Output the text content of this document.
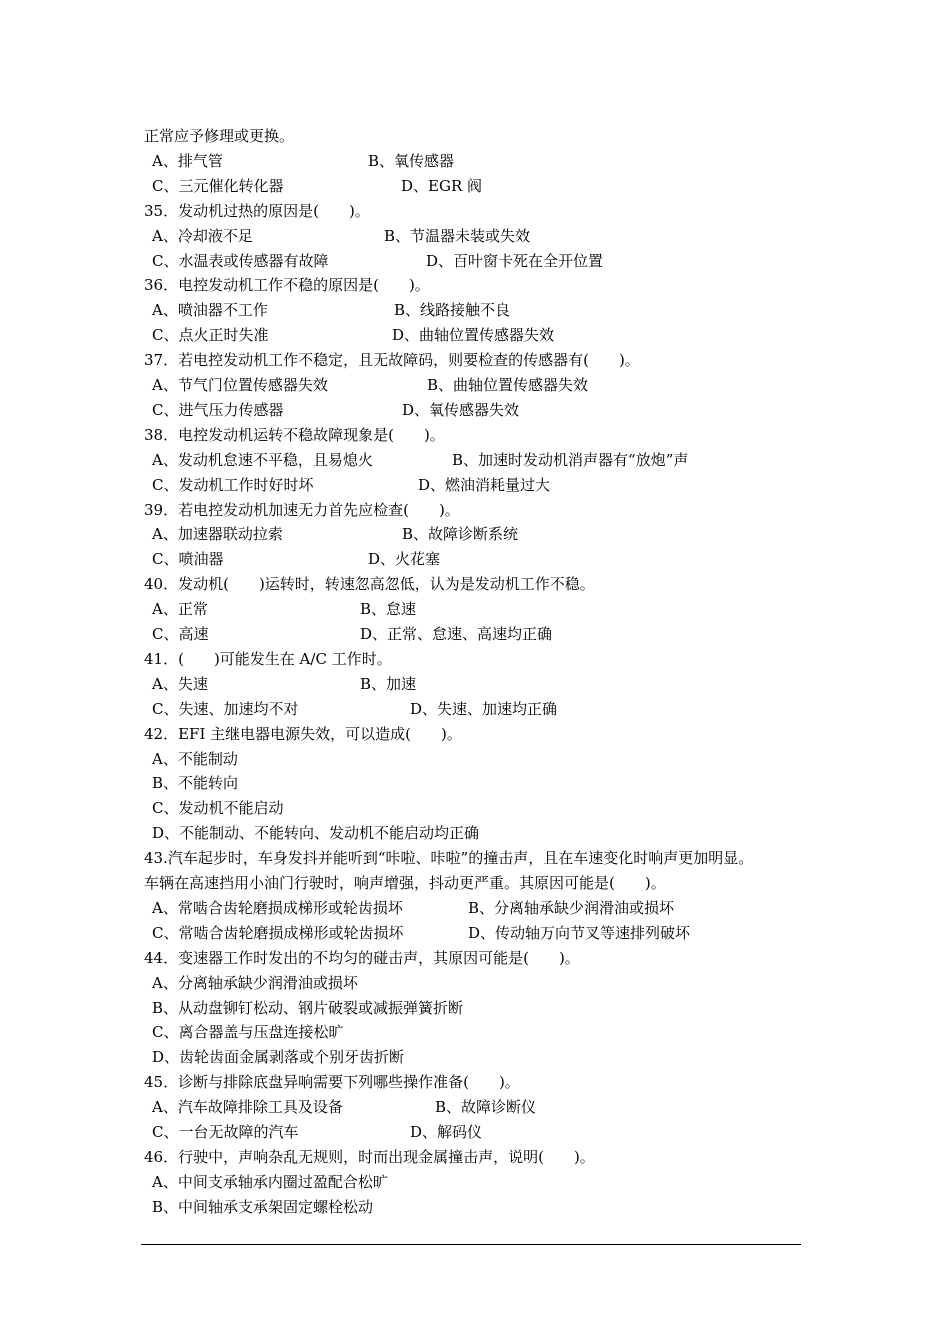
正常应予修理或更换。
A、排气管	B、氧传感器
C、三元催化转化器	D、EGR 阀
35．发动机过热的原因是(　　)。
A、冷却液不足	B、节温器未装或失效
C、水温表或传感器有故障	D、百叶窗卡死在全开位置
36．电控发动机工作不稳的原因是(　　)。
A、喷油器不工作	B、线路接触不良
C、点火正时失准	D、曲轴位置传感器失效
37．若电控发动机工作不稳定，且无故障码，则要检查的传感器有(　　)。
A、节气门位置传感器失效	B、曲轴位置传感器失效
C、进气压力传感器	D、氧传感器失效
38．电控发动机运转不稳故障现象是(　　)。
A、发动机怠速不平稳，且易熄火	B、加速时发动机消声器有“放炮”声
C、发动机工作时好时坏	D、燃油消耗量过大
39．若电控发动机加速无力首先应检查(　　)。
A、加速器联动拉索	B、故障诊断系统
C、喷油器	D、火花塞
40．发动机(　　)运转时，转速忽高忽低，认为是发动机工作不稳。
A、正常	B、怠速
C、高速	D、正常、怠速、高速均正确
41．(　　)可能发生在 A/C 工作时。
A、失速	B、加速
C、失速、加速均不对	D、失速、加速均正确
42．EFI 主继电器电源失效，可以造成(　　)。
A、不能制动
B、不能转向
C、发动机不能启动
D、不能制动、不能转向、发动机不能启动均正确
43.汽车起步时，车身发抖并能听到“咔啦、咔啦”的撞击声，且在车速变化时响声更加明显。
车辆在高速挡用小油门行驶时，响声增强，抖动更严重。其原因可能是(　　)。
A、常啮合齿轮磨损成梯形或轮齿损坏	B、分离轴承缺少润滑油或损坏
C、常啮合齿轮磨损成梯形或轮齿损坏	D、传动轴万向节叉等速排列破坏
44．变速器工作时发出的不均匀的碰击声，其原因可能是(　　)。
A、分离轴承缺少润滑油或损坏
B、从动盘铆钉松动、钢片破裂或减振弹簧折断
C、离合器盖与压盘连接松旷
D、齿轮齿面金属剥落或个别牙齿折断
45．诊断与排除底盘异响需要下列哪些操作准备(　　)。
A、汽车故障排除工具及设备	B、故障诊断仪
C、一台无故障的汽车	D、解码仪
46．行驶中，声响杂乱无规则，时而出现金属撞击声，说明(　　)。
A、中间支承轴承内圈过盈配合松旷
B、中间轴承支承架固定螺栓松动
